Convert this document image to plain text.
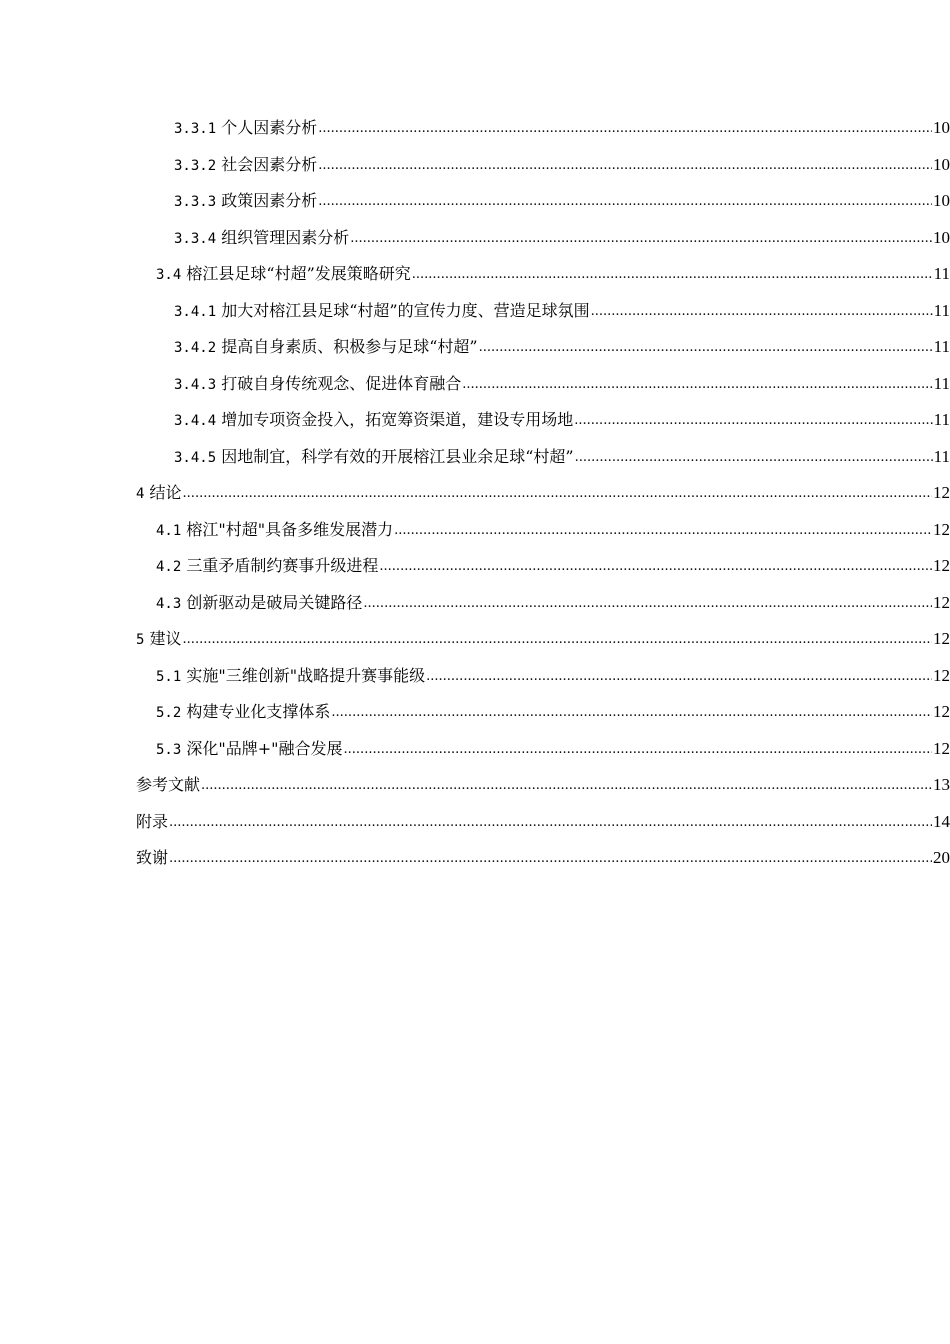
3.3.1 个人因素分析 .....	10
3.3.2 社会因素分析 .....	10
3.3.3 政策因素分析 .....	10
3.3.4 组织管理因素分析 .....	10
3.4 榕江县足球“村超”发展策略研究 .....	11
3.4.1 加大对榕江县足球“村超”的宣传力度、营造足球氛围 .....	11
3.4.2 提高自身素质、积极参与足球“村超” .....	11
3.4.3 打破自身传统观念、促进体育融合 .....	11
3.4.4 增加专项资金投入，拓宽筹资渠道，建设专用场地 .....	11
3.4.5 因地制宜，科学有效的开展榕江县业余足球“村超” .....	11
4 结论 .....	12
4.1 榕江"村超"具备多维发展潜力 .....	12
4.2 三重矛盾制约赛事升级进程 .....	12
4.3 创新驱动是破局关键路径 .....	12
5 建议 .....	12
5.1 实施"三维创新"战略提升赛事能级 .....	12
5.2 构建专业化支撑体系 .....	12
5.3 深化"品牌+"融合发展 .....	12
参考文献 .....	13
附录 .....	14
致谢 .....	20
